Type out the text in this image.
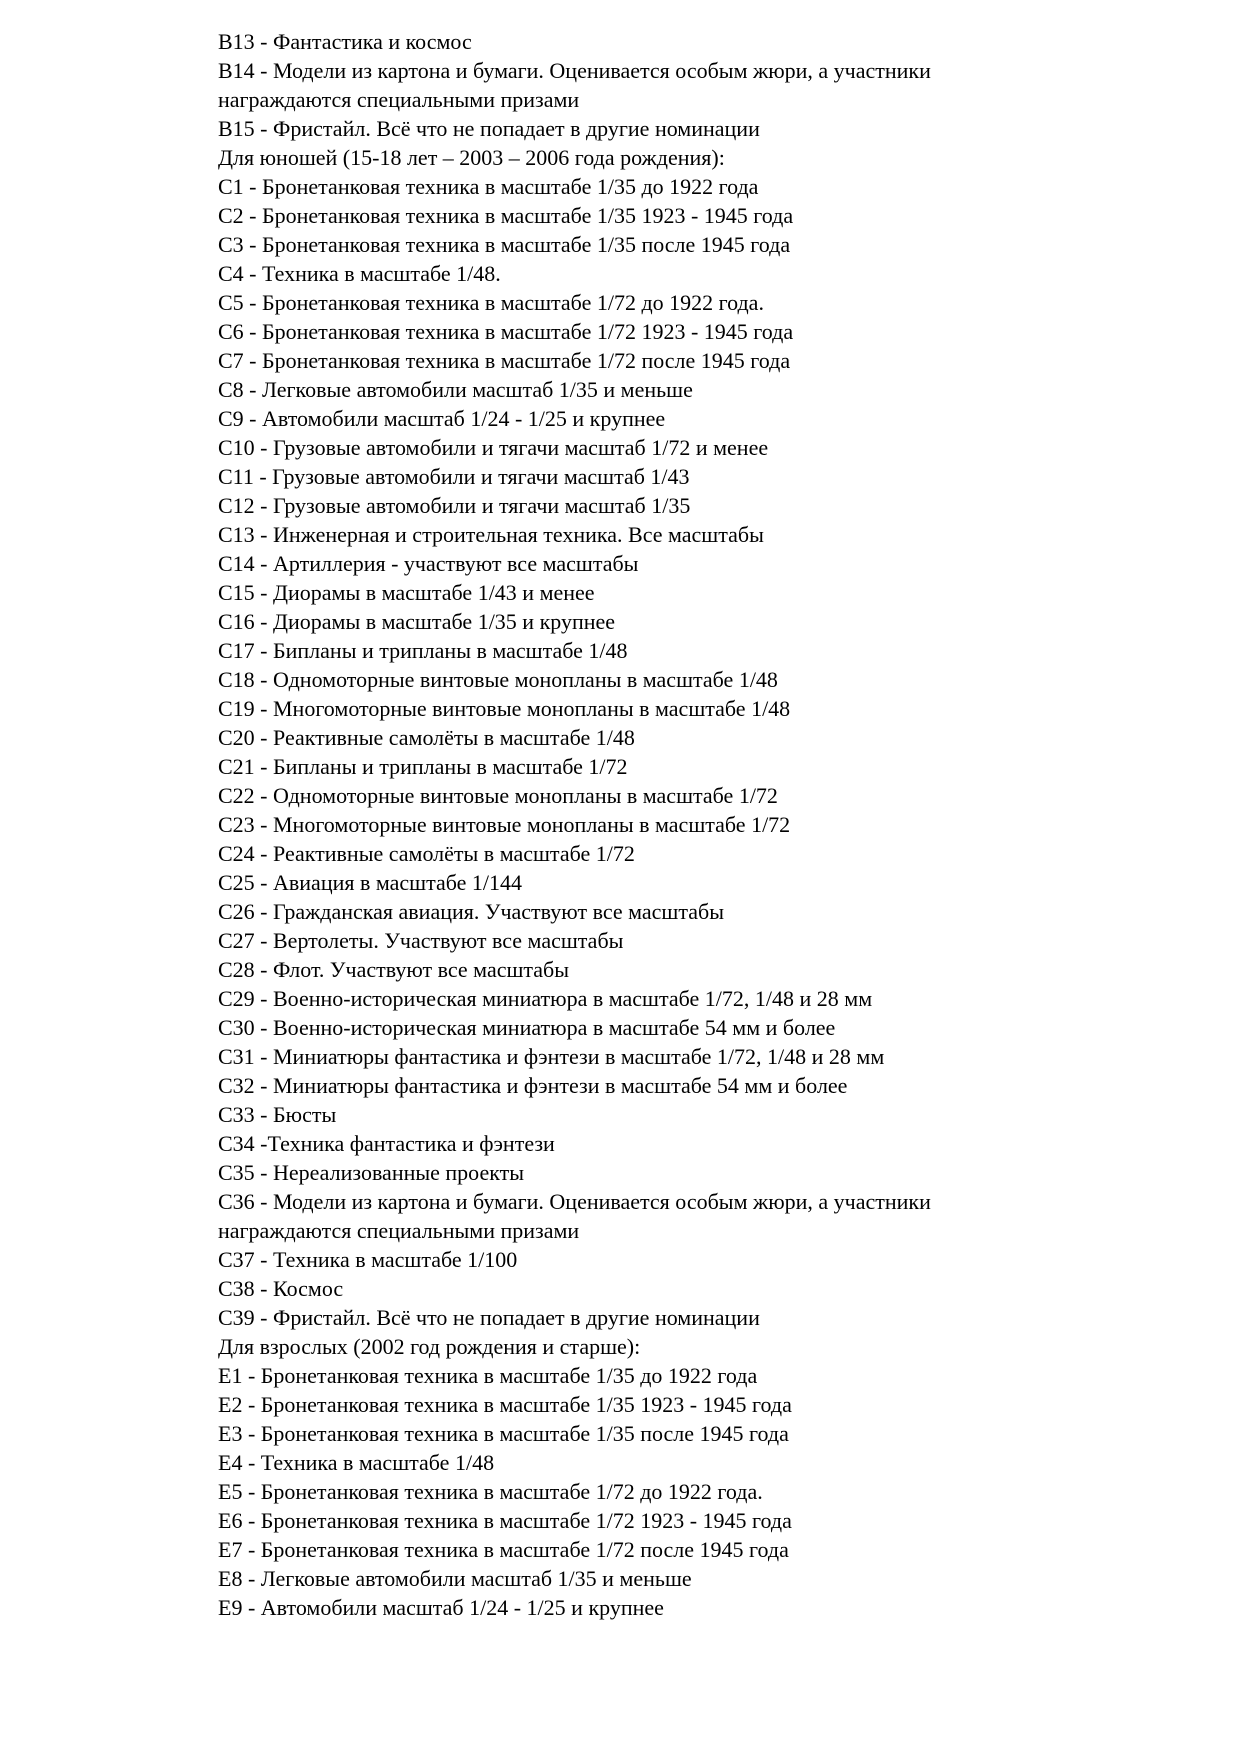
В13 - Фантастика и космос
В14 - Модели из картона и бумаги. Оценивается особым жюри, а участники
награждаются специальными призами
В15 - Фристайл. Всё что не попадает в другие номинации
Для юношей (15-18 лет – 2003 – 2006 года рождения):
С1 - Бронетанковая техника в масштабе 1/35 до 1922 года
С2 - Бронетанковая техника в масштабе 1/35 1923 - 1945 года
С3 - Бронетанковая техника в масштабе 1/35 после 1945 года
С4 - Техника в масштабе 1/48.
С5 - Бронетанковая техника в масштабе 1/72 до 1922 года.
С6 - Бронетанковая техника в масштабе 1/72 1923 - 1945 года
С7 - Бронетанковая техника в масштабе 1/72 после 1945 года
С8 - Легковые автомобили масштаб 1/35 и меньше
С9 - Автомобили масштаб 1/24 - 1/25 и крупнее
С10 - Грузовые автомобили и тягачи масштаб 1/72 и менее
С11 - Грузовые автомобили и тягачи масштаб 1/43
С12 - Грузовые автомобили и тягачи масштаб 1/35
С13 - Инженерная и строительная техника. Все масштабы
С14 - Артиллерия - участвуют все масштабы
С15 - Диорамы в масштабе 1/43 и менее
С16 - Диорамы в масштабе 1/35 и крупнее
С17 - Бипланы и трипланы в масштабе 1/48
С18 - Одномоторные винтовые монопланы в масштабе 1/48
С19 - Многомоторные винтовые монопланы в масштабе 1/48
С20 - Реактивные самолёты в масштабе 1/48
С21 - Бипланы и трипланы в масштабе 1/72
С22 - Одномоторные винтовые монопланы в масштабе 1/72
С23 - Многомоторные винтовые монопланы в масштабе 1/72
С24 - Реактивные самолёты в масштабе 1/72
С25 - Авиация в масштабе 1/144
С26 - Гражданская авиация. Участвуют все масштабы
С27 - Вертолеты. Участвуют все масштабы
С28 - Флот. Участвуют все масштабы
С29 - Военно-историческая миниатюра в масштабе 1/72, 1/48 и 28 мм
С30 - Военно-историческая миниатюра в масштабе 54 мм и более
С31 - Миниатюры фантастика и фэнтези в масштабе 1/72, 1/48 и 28 мм
С32 - Миниатюры фантастика и фэнтези в масштабе 54 мм и более
С33 - Бюсты
С34 -Техника фантастика и фэнтези
С35 - Нереализованные проекты
С36 - Модели из картона и бумаги. Оценивается особым жюри, а участники
награждаются специальными призами
С37 - Техника в масштабе 1/100
С38 - Космос
С39 - Фристайл. Всё что не попадает в другие номинации
Для взрослых (2002 год рождения и старше):
Е1 - Бронетанковая техника в масштабе 1/35 до 1922 года
Е2 - Бронетанковая техника в масштабе 1/35 1923 - 1945 года
Е3 - Бронетанковая техника в масштабе 1/35 после 1945 года
Е4 - Техника в масштабе 1/48
Е5 - Бронетанковая техника в масштабе 1/72 до 1922 года.
Е6 - Бронетанковая техника в масштабе 1/72 1923 - 1945 года
Е7 - Бронетанковая техника в масштабе 1/72 после 1945 года
Е8 - Легковые автомобили масштаб 1/35 и меньше
Е9 - Автомобили масштаб 1/24 - 1/25 и крупнее
